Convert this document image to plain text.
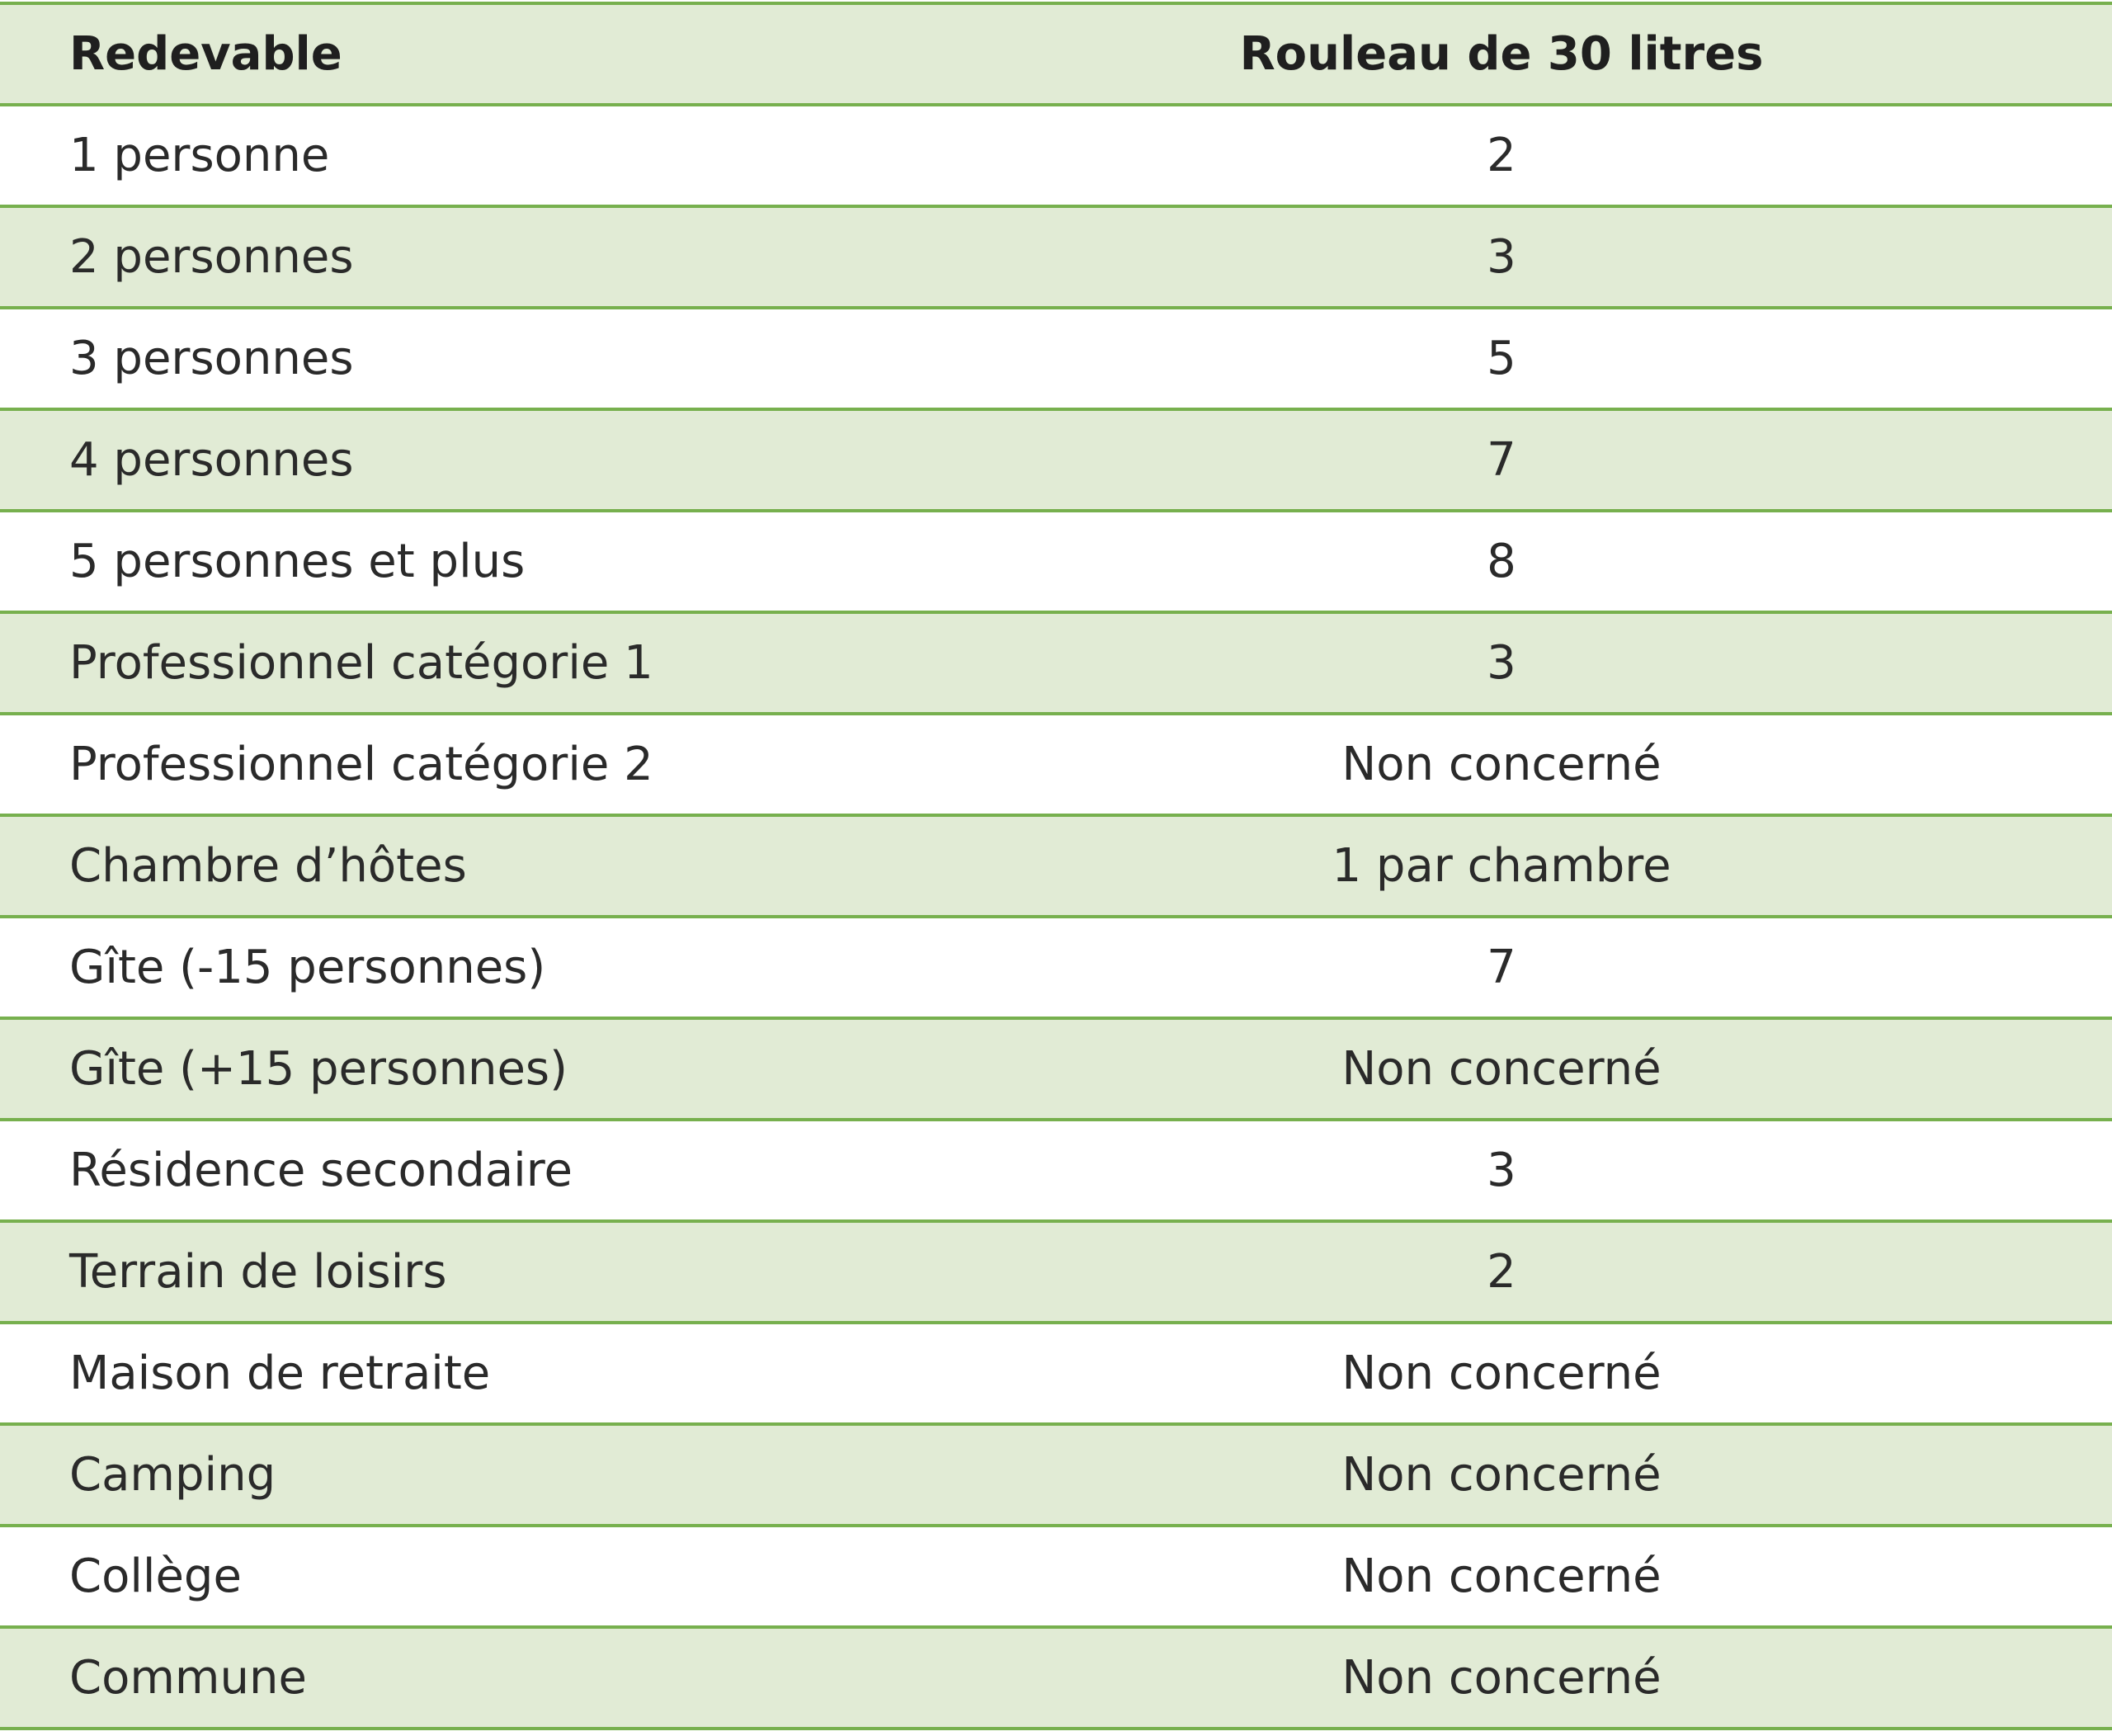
Redevable	Rouleau de 30 litres	
1 personne	2	
2 personnes	3	
3 personnes	5	
4 personnes	7	
5 personnes et plus	8	
Professionnel catégorie 1	3	
Professionnel catégorie 2	Non concerné	
Chambre d’hôtes	1 par chambre	
Gîte (-15 personnes)	7	
Gîte (+15 personnes)	Non concerné	
Résidence secondaire	3	
Terrain de loisirs	2	
Maison de retraite	Non concerné	
Camping	Non concerné	
Collège	Non concerné	
Commune	Non concerné	
